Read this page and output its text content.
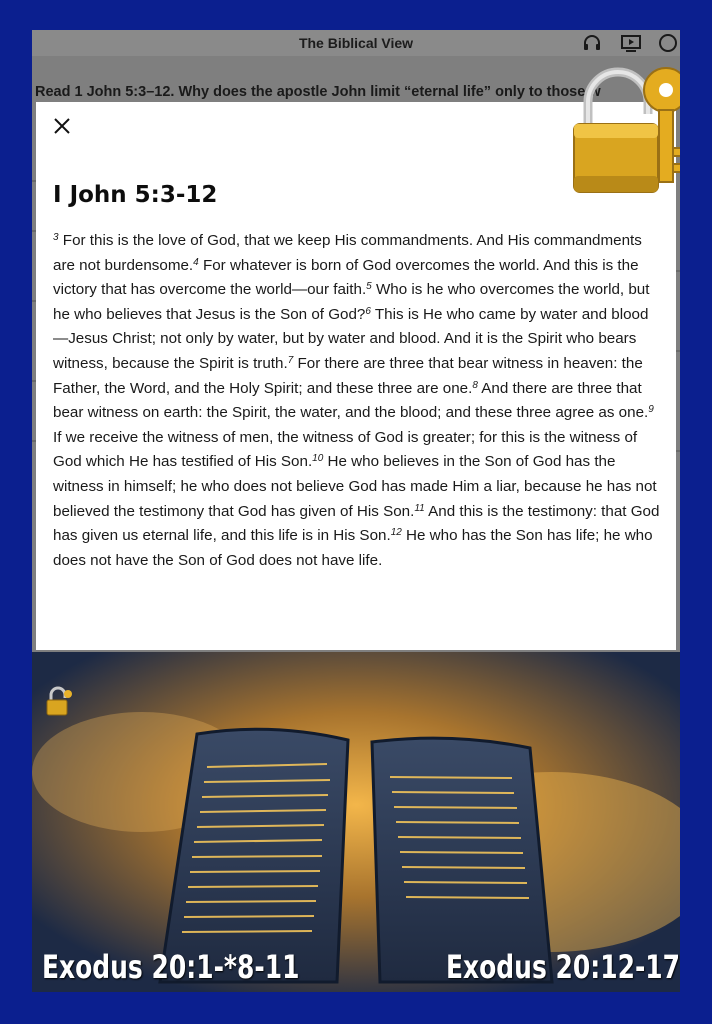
The Biblical View
Read 1 John 5:3–12. Why does the apostle John limit “eternal life” only to those w
I John 5:3-12
$^3$ For this is the love of God, that we keep His commandments. And His commandments are not burdensome.$^4$ For whatever is born of God overcomes the world. And this is the victory that has overcome the world—our faith.$^5$ Who is he who overcomes the world, but he who believes that Jesus is the Son of God?$^6$ This is He who came by water and blood—Jesus Christ; not only by water, but by water and blood. And it is the Spirit who bears witness, because the Spirit is truth.$^7$ For there are three that bear witness in heaven: the Father, the Word, and the Holy Spirit; and these three are one.$^8$ And there are three that bear witness on earth: the Spirit, the water, and the blood; and these three agree as one.$^9$ If we receive the witness of men, the witness of God is greater; for this is the witness of God which He has testified of His Son.$^{10}$ He who believes in the Son of God has the witness in himself; he who does not believe God has made Him a liar, because he has not believed the testimony that God has given of His Son.$^{11}$ And this is the testimony: that God has given us eternal life, and this life is in His Son.$^{12}$ He who has the Son has life; he who does not have the Son of God does not have life.
Exodus 20:1-*8-11	Exodus 20:12-17
